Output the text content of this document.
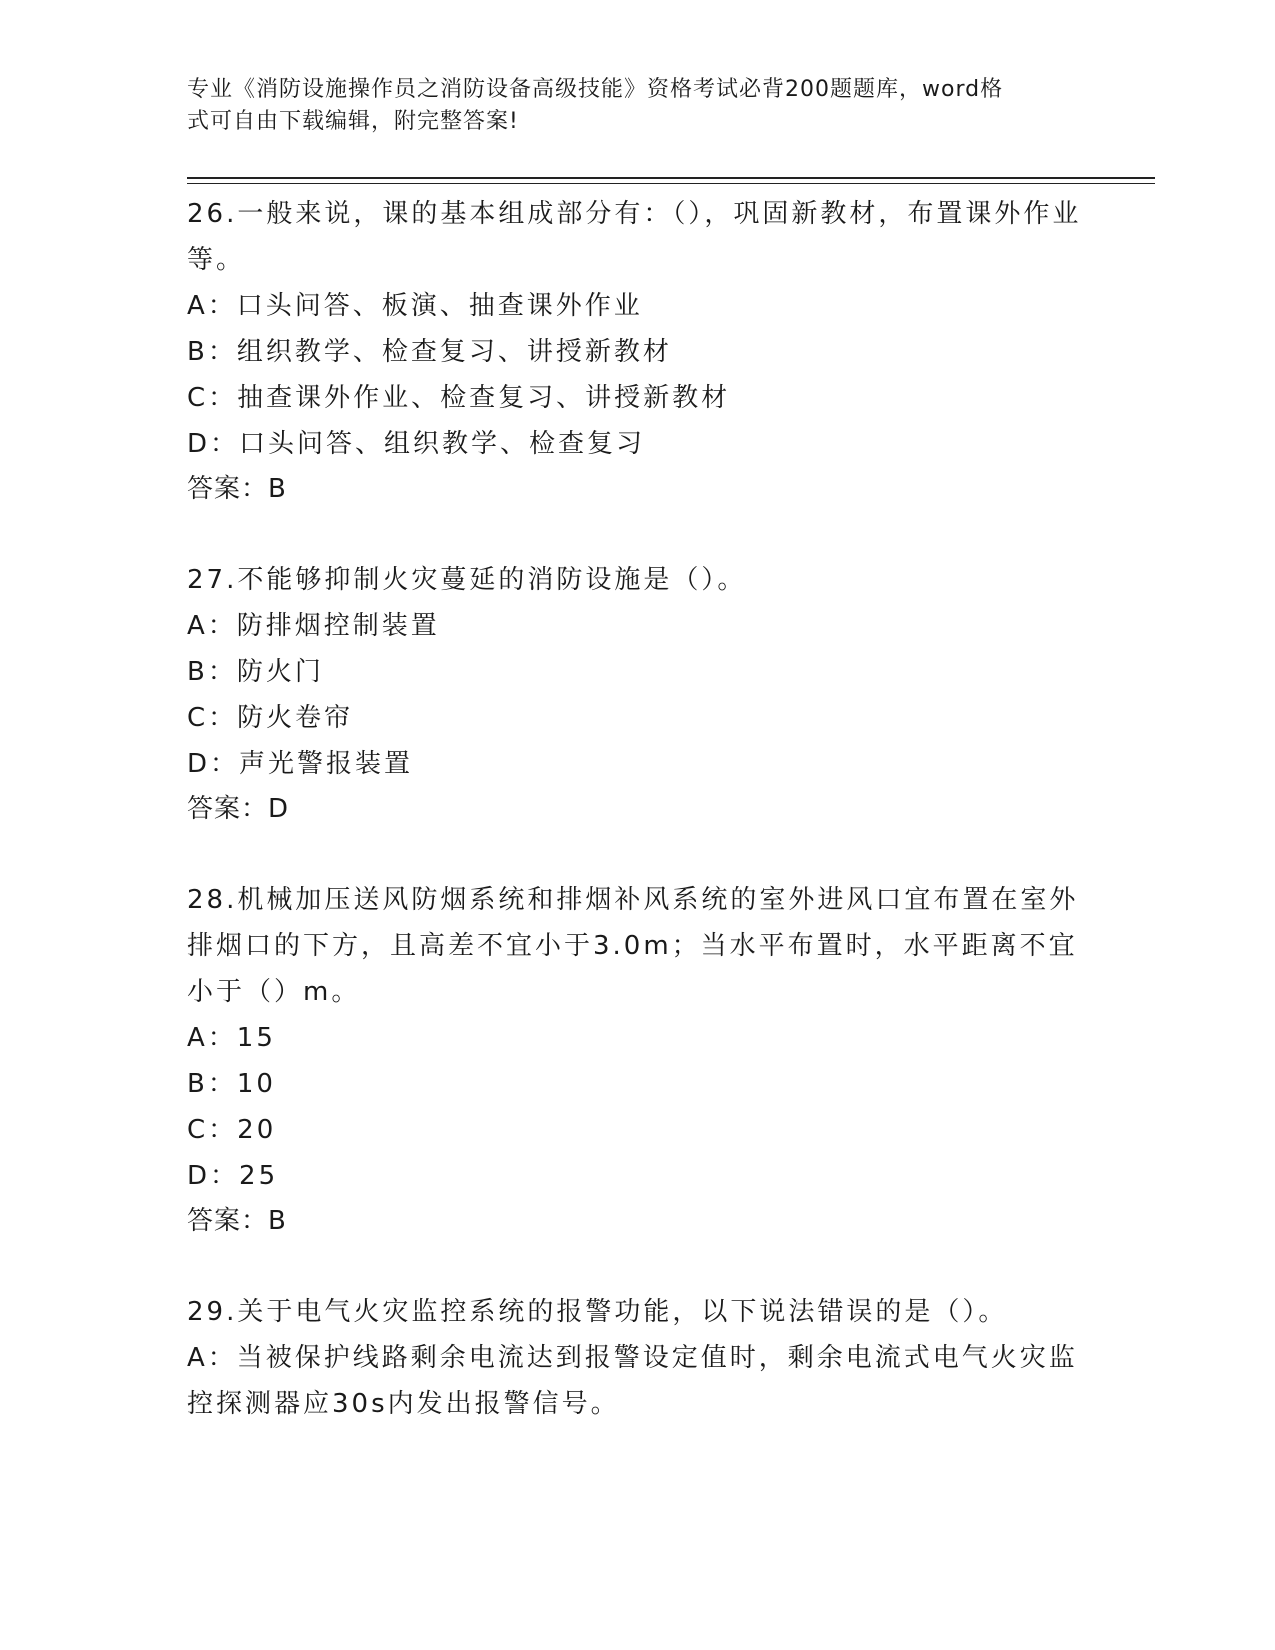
专业《消防设施操作员之消防设备高级技能》资格考试必背200题题库，word格
式可自由下载编辑，附完整答案!
26.一般来说，课的基本组成部分有：（），巩固新教材，布置课外作业等。
A：口头问答、板演、抽查课外作业
B：组织教学、检查复习、讲授新教材
C：抽查课外作业、检查复习、讲授新教材
D：口头问答、组织教学、检查复习
答案：B
27.不能够抑制火灾蔓延的消防设施是（）。
A：防排烟控制装置
B：防火门
C：防火卷帘
D：声光警报装置
答案：D
28.机械加压送风防烟系统和排烟补风系统的室外进风口宜布置在室外排烟口的下方，且高差不宜小于3.0m；当水平布置时，水平距离不宜小于（）m。
A：15
B：10
C：20
D：25
答案：B
29.关于电气火灾监控系统的报警功能，以下说法错误的是（）。
A：当被保护线路剩余电流达到报警设定值时，剩余电流式电气火灾监控探测器应30s内发出报警信号。
